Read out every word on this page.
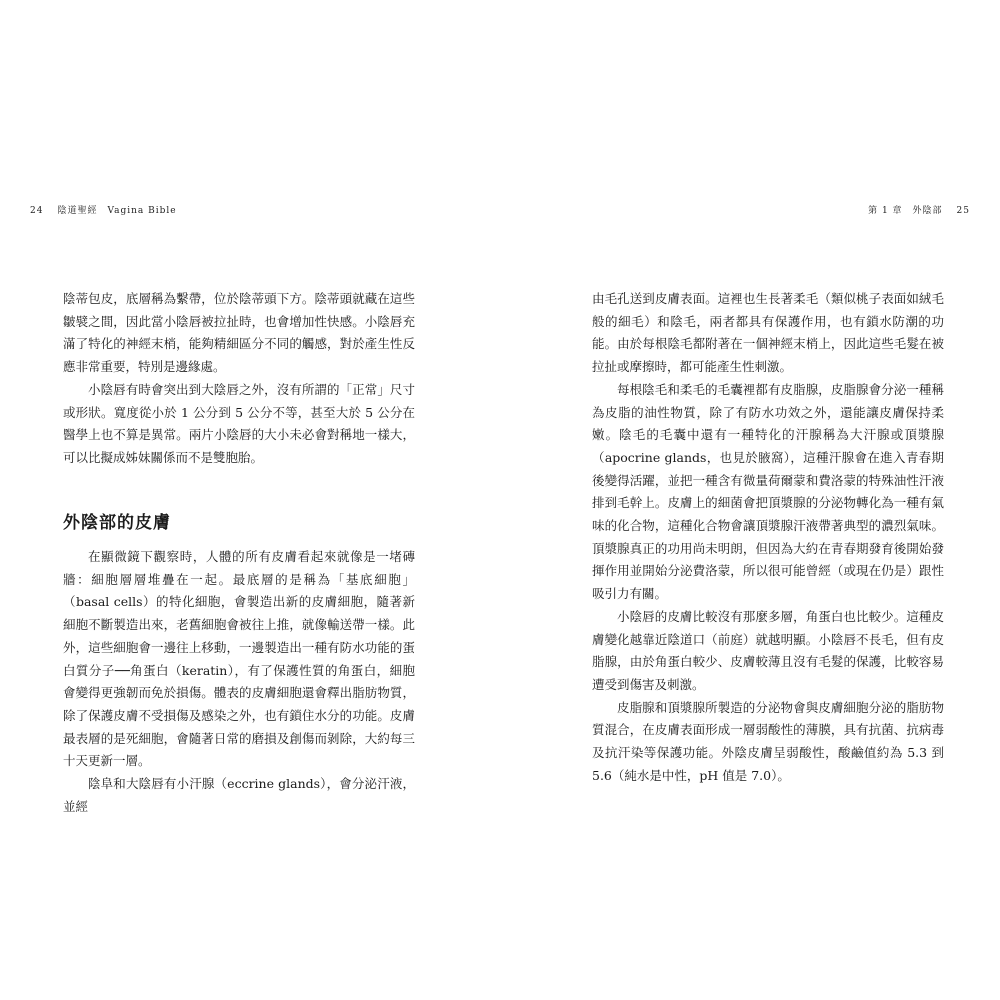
24 陰道聖經　Vagina Bible

陰蒂包皮，底層稱為繫帶，位於陰蒂頭下方。陰蒂頭就藏在這些皺襞之間，因此當小陰唇被拉扯時，也會增加性快感。小陰唇充滿了特化的神經末梢，能夠精細區分不同的觸感，對於產生性反應非常重要，特別是邊緣處。

小陰唇有時會突出到大陰唇之外，沒有所謂的「正常」尺寸或形狀。寬度從小於 1 公分到 5 公分不等，甚至大於 5 公分在醫學上也不算是異常。兩片小陰唇的大小未必會對稱地一樣大，可以比擬成姊妹關係而不是雙胞胎。

外陰部的皮膚

在顯微鏡下觀察時，人體的所有皮膚看起來就像是一堵磚牆：細胞層層堆疊在一起。最底層的是稱為「基底細胞」（basal cells）的特化細胞，會製造出新的皮膚細胞，隨著新細胞不斷製造出來，老舊細胞會被往上推，就像輸送帶一樣。此外，這些細胞會一邊往上移動，一邊製造出一種有防水功能的蛋白質分子──角蛋白（keratin），有了保護性質的角蛋白，細胞會變得更強韌而免於損傷。體表的皮膚細胞還會釋出脂肪物質，除了保護皮膚不受損傷及感染之外，也有鎖住水分的功能。皮膚最表層的是死細胞，會隨著日常的磨損及創傷而剝除，大約每三十天更新一層。

陰阜和大陰唇有小汗腺（eccrine glands），會分泌汗液，並經

第 1 章　外陰部 25

由毛孔送到皮膚表面。這裡也生長著柔毛（類似桃子表面如絨毛般的細毛）和陰毛，兩者都具有保護作用，也有鎖水防潮的功能。由於每根陰毛都附著在一個神經末梢上，因此這些毛髮在被拉扯或摩擦時，都可能產生性刺激。

每根陰毛和柔毛的毛囊裡都有皮脂腺，皮脂腺會分泌一種稱為皮脂的油性物質，除了有防水功效之外，還能讓皮膚保持柔嫩。陰毛的毛囊中還有一種特化的汗腺稱為大汗腺或頂漿腺（apocrine glands，也見於腋窩），這種汗腺會在進入青春期後變得活躍，並把一種含有微量荷爾蒙和費洛蒙的特殊油性汗液排到毛幹上。皮膚上的細菌會把頂漿腺的分泌物轉化為一種有氣味的化合物，這種化合物會讓頂漿腺汗液帶著典型的濃烈氣味。頂漿腺真正的功用尚未明朗，但因為大約在青春期發育後開始發揮作用並開始分泌費洛蒙，所以很可能曾經（或現在仍是）跟性吸引力有關。

小陰唇的皮膚比較沒有那麼多層，角蛋白也比較少。這種皮膚變化越靠近陰道口（前庭）就越明顯。小陰唇不長毛，但有皮脂腺，由於角蛋白較少、皮膚較薄且沒有毛髮的保護，比較容易遭受到傷害及刺激。

皮脂腺和頂漿腺所製造的分泌物會與皮膚細胞分泌的脂肪物質混合，在皮膚表面形成一層弱酸性的薄膜，具有抗菌、抗病毒及抗汗染等保護功能。外陰皮膚呈弱酸性，酸鹼值約為 5.3 到 5.6（純水是中性，pH 值是 7.0）。
